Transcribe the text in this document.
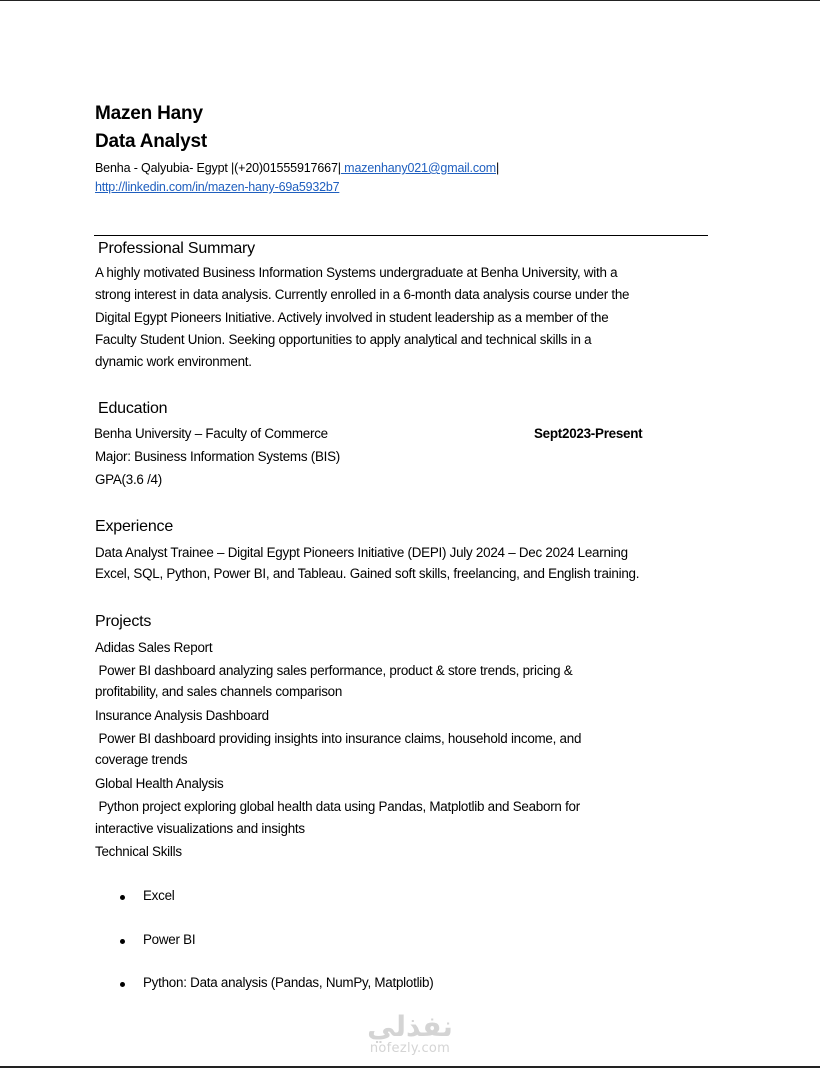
Mazen Hany
Data Analyst
Benha - Qalyubia- Egypt |(+20)01555917667| mazenhany021@gmail.com|
http://linkedin.com/in/mazen-hany-69a5932b7
Professional Summary
A highly motivated Business Information Systems undergraduate at Benha University, with a
strong interest in data analysis. Currently enrolled in a 6-month data analysis course under the
Digital Egypt Pioneers Initiative. Actively involved in student leadership as a member of the
Faculty Student Union. Seeking opportunities to apply analytical and technical skills in a
dynamic work environment.
Education
Benha University – Faculty of Commerce	Sept2023-Present
Major: Business Information Systems (BIS)
GPA(3.6 /4)
Experience
Data Analyst Trainee – Digital Egypt Pioneers Initiative (DEPI) July 2024 – Dec 2024 Learning
Excel, SQL, Python, Power BI, and Tableau. Gained soft skills, freelancing, and English training.
Projects
Adidas Sales Report
Power BI dashboard analyzing sales performance, product & store trends, pricing &
profitability, and sales channels comparison
Insurance Analysis Dashboard
Power BI dashboard providing insights into insurance claims, household income, and
coverage trends
Global Health Analysis
Python project exploring global health data using Pandas, Matplotlib and Seaborn for
interactive visualizations and insights
Technical Skills
Excel
Power BI
Python: Data analysis (Pandas, NumPy, Matplotlib)
نفذلي
nofezly.com
